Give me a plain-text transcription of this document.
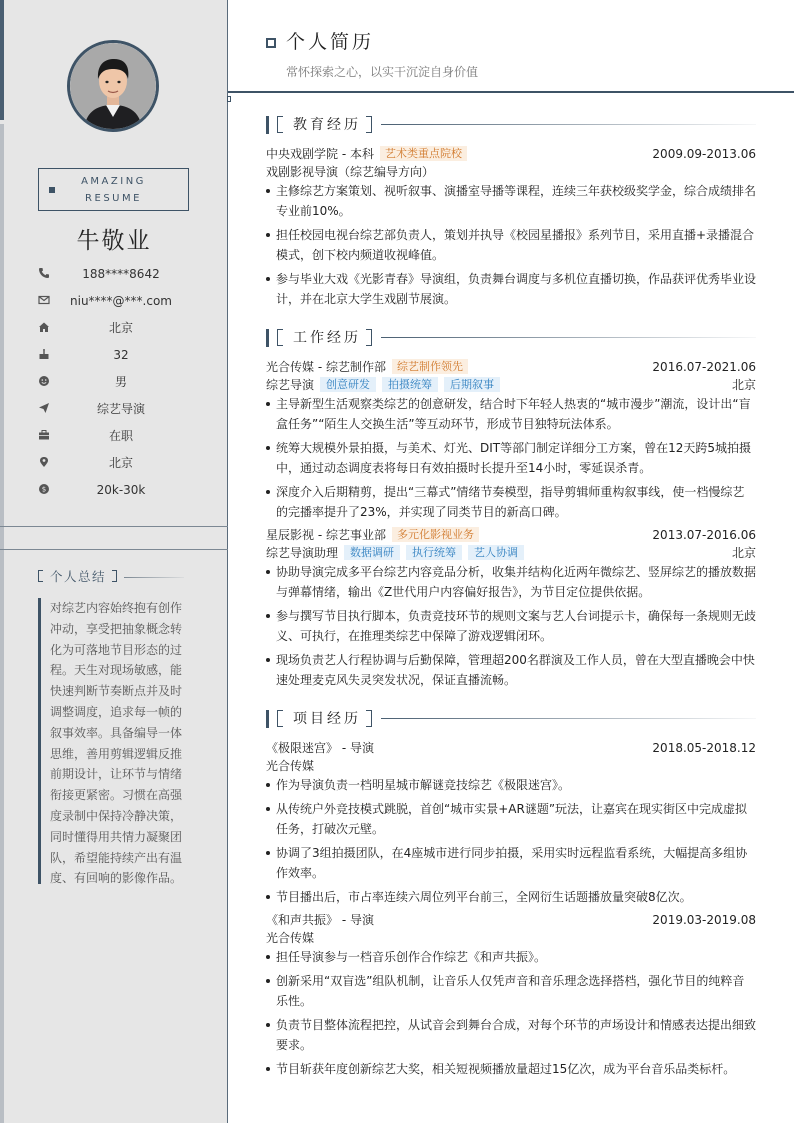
AMAZING
RESUME
牛敬业
188****8642
niu****@***.com
北京
32
男
综艺导演
在职
北京
$	20k-30k
个人总结

对综艺内容始终抱有创作冲动，享受把抽象概念转化为可落地节目形态的过程。天生对现场敏感，能快速判断节奏断点并及时调整调度，追求每一帧的叙事效率。具备编导一体思维，善用剪辑逻辑反推前期设计，让环节与情绪衔接更紧密。习惯在高强度录制中保持冷静决策，同时懂得用共情力凝聚团队，希望能持续产出有温度、有回响的影像作品。

个人简历
常怀探索之心，以实干沉淀自身价值
教育经历
中央戏剧学院 - 本科 艺术类重点院校	2009.09-2013.06
戏剧影视导演（综艺编导方向）
主修综艺方案策划、视听叙事、演播室导播等课程，连续三年获校级奖学金，综合成绩排名专业前10%。
担任校园电视台综艺部负责人，策划并执导《校园星播报》系列节目，采用直播+录播混合模式，创下校内频道收视峰值。
参与毕业大戏《光影青春》导演组，负责舞台调度与多机位直播切换，作品获评优秀毕业设计，并在北京大学生戏剧节展演。
工作经历
光合传媒 - 综艺制作部 综艺制作领先	2016.07-2021.06
综艺导演 创意研发 拍摄统筹 后期叙事	北京
主导新型生活观察类综艺的创意研发，结合时下年轻人热衷的“城市漫步”潮流，设计出“盲盒任务”“陌生人交换生活”等互动环节，形成节目独特玩法体系。
统筹大规模外景拍摄，与美术、灯光、DIT等部门制定详细分工方案，曾在12天跨5城拍摄中，通过动态调度表将每日有效拍摄时长提升至14小时，零延误杀青。
深度介入后期精剪，提出“三幕式”情绪节奏模型，指导剪辑师重构叙事线，使一档慢综艺的完播率提升了23%，并实现了同类节目的新高口碑。
星辰影视 - 综艺事业部 多元化影视业务	2013.07-2016.06
综艺导演助理 数据调研 执行统筹 艺人协调	北京
协助导演完成多平台综艺内容竞品分析，收集并结构化近两年微综艺、竖屏综艺的播放数据与弹幕情绪，输出《Z世代用户内容偏好报告》，为节目定位提供依据。
参与撰写节目执行脚本，负责竞技环节的规则文案与艺人台词提示卡，确保每一条规则无歧义、可执行，在推理类综艺中保障了游戏逻辑闭环。
现场负责艺人行程协调与后勤保障，管理超200名群演及工作人员，曾在大型直播晚会中快速处理麦克风失灵突发状况，保证直播流畅。
项目经历
《极限迷宫》 - 导演	2018.05-2018.12
光合传媒
作为导演负责一档明星城市解谜竞技综艺《极限迷宫》。
从传统户外竞技模式跳脱，首创“城市实景+AR谜题”玩法，让嘉宾在现实街区中完成虚拟任务，打破次元壁。
协调了3组拍摄团队，在4座城市进行同步拍摄，采用实时远程监看系统，大幅提高多组协作效率。
节目播出后，市占率连续六周位列平台前三，全网衍生话题播放量突破8亿次。
《和声共振》 - 导演	2019.03-2019.08
光合传媒
担任导演参与一档音乐创作合作综艺《和声共振》。
创新采用“双盲选”组队机制，让音乐人仅凭声音和音乐理念选择搭档，强化节目的纯粹音乐性。
负责节目整体流程把控，从试音会到舞台合成，对每个环节的声场设计和情感表达提出细致要求。
节目斩获年度创新综艺大奖，相关短视频播放量超过15亿次，成为平台音乐品类标杆。
